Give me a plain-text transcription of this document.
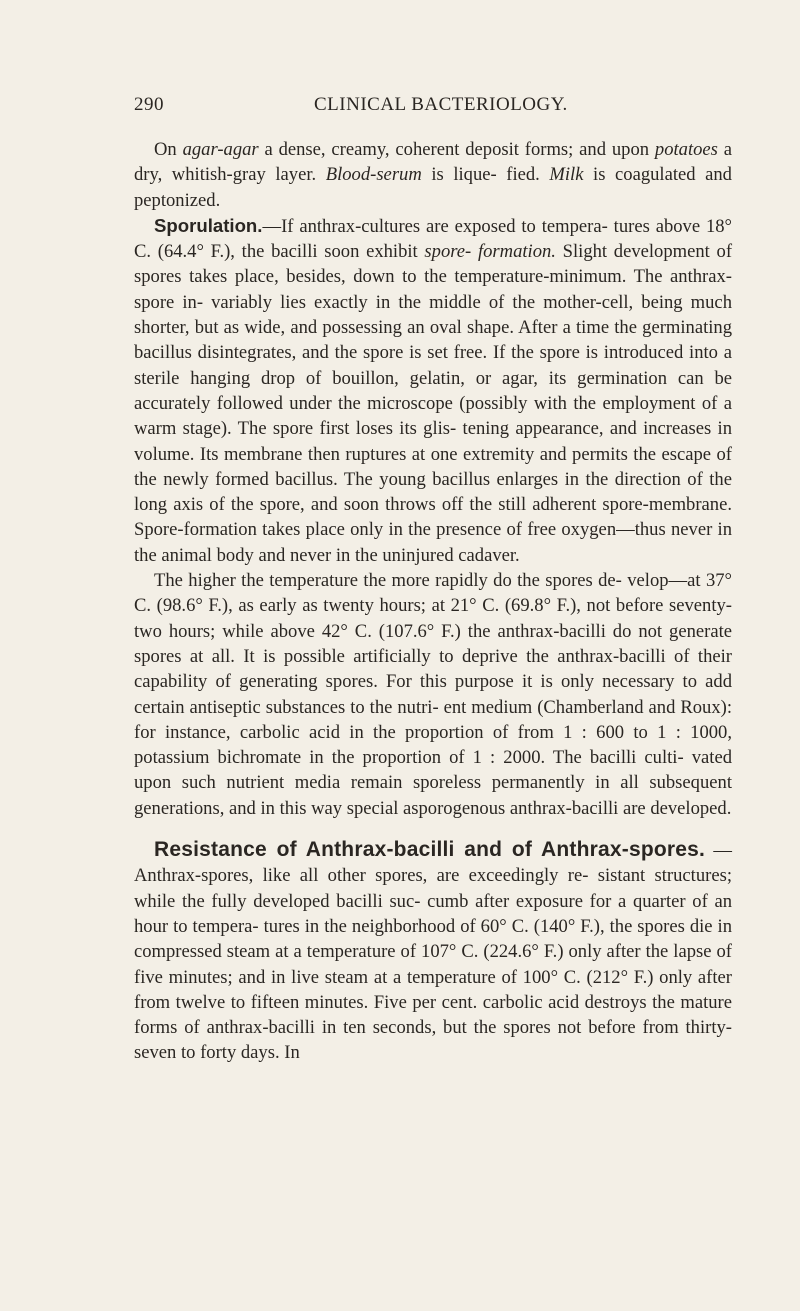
290	CLINICAL BACTERIOLOGY.

On agar-agar a dense, creamy, coherent deposit forms; and upon potatoes a dry, whitish-gray layer. Blood-serum is lique- fied. Milk is coagulated and peptonized.

Sporulation.—If anthrax-cultures are exposed to tempera- tures above 18° C. (64.4° F.), the bacilli soon exhibit spore- formation. Slight development of spores takes place, besides, down to the temperature-minimum. The anthrax-spore in- variably lies exactly in the middle of the mother-cell, being much shorter, but as wide, and possessing an oval shape. After a time the germinating bacillus disintegrates, and the spore is set free. If the spore is introduced into a sterile hanging drop of bouillon, gelatin, or agar, its germination can be accurately followed under the microscope (possibly with the employment of a warm stage). The spore first loses its glis- tening appearance, and increases in volume. Its membrane then ruptures at one extremity and permits the escape of the newly formed bacillus. The young bacillus enlarges in the direction of the long axis of the spore, and soon throws off the still adherent spore-membrane. Spore-formation takes place only in the presence of free oxygen—thus never in the animal body and never in the uninjured cadaver.

The higher the temperature the more rapidly do the spores de- velop—at 37° C. (98.6° F.), as early as twenty hours; at 21° C. (69.8° F.), not before seventy-two hours; while above 42° C. (107.6° F.) the anthrax-bacilli do not generate spores at all. It is possible artificially to deprive the anthrax-bacilli of their capability of generating spores. For this purpose it is only necessary to add certain antiseptic substances to the nutri- ent medium (Chamberland and Roux): for instance, carbolic acid in the proportion of from 1 : 600 to 1 : 1000, potassium bichromate in the proportion of 1 : 2000. The bacilli culti- vated upon such nutrient media remain sporeless permanently in all subsequent generations, and in this way special asporogenous anthrax-bacilli are developed.

Resistance of Anthrax-bacilli and of Anthrax-spores. —Anthrax-spores, like all other spores, are exceedingly re- sistant structures; while the fully developed bacilli suc- cumb after exposure for a quarter of an hour to tempera- tures in the neighborhood of 60° C. (140° F.), the spores die in compressed steam at a temperature of 107° C. (224.6° F.) only after the lapse of five minutes; and in live steam at a temperature of 100° C. (212° F.) only after from twelve to fifteen minutes. Five per cent. carbolic acid destroys the mature forms of anthrax-bacilli in ten seconds, but the spores not before from thirty-seven to forty days. In
